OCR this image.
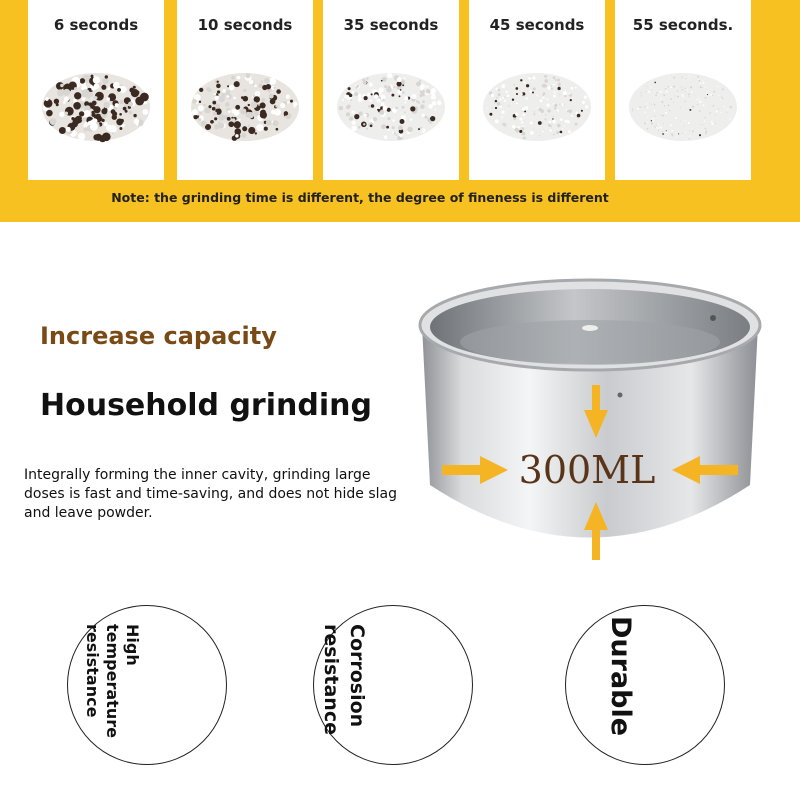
6 seconds	10 seconds	35 seconds	45 seconds	55 seconds.
Note: the grinding time is different, the degree of fineness is different
Increase capacity
Household grinding
Integrally forming the inner cavity, grinding large doses is fast and time-saving, and does not hide slag and leave powder.
300ML

High
temperature
resistance	Corrosion
resistance	Durable
